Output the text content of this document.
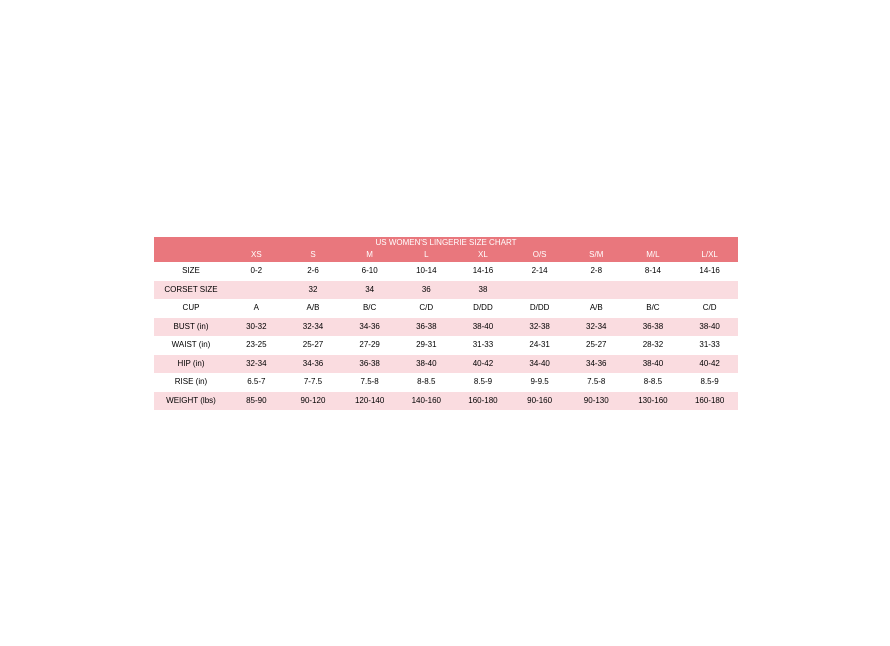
US WOMEN'S LINGERIE SIZE CHART									
	XS	S	M	L	XL	O/S	S/M	M/L	L/XL
SIZE	0-2	2-6	6-10	10-14	14-16	2-14	2-8	8-14	14-16
CORSET SIZE		32	34	36	38				
CUP	A	A/B	B/C	C/D	D/DD	D/DD	A/B	B/C	C/D
BUST (in)	30-32	32-34	34-36	36-38	38-40	32-38	32-34	36-38	38-40
WAIST (in)	23-25	25-27	27-29	29-31	31-33	24-31	25-27	28-32	31-33
HIP (in)	32-34	34-36	36-38	38-40	40-42	34-40	34-36	38-40	40-42
RISE (in)	6.5-7	7-7.5	7.5-8	8-8.5	8.5-9	9-9.5	7.5-8	8-8.5	8.5-9
WEIGHT (lbs)	85-90	90-120	120-140	140-160	160-180	90-160	90-130	130-160	160-180
